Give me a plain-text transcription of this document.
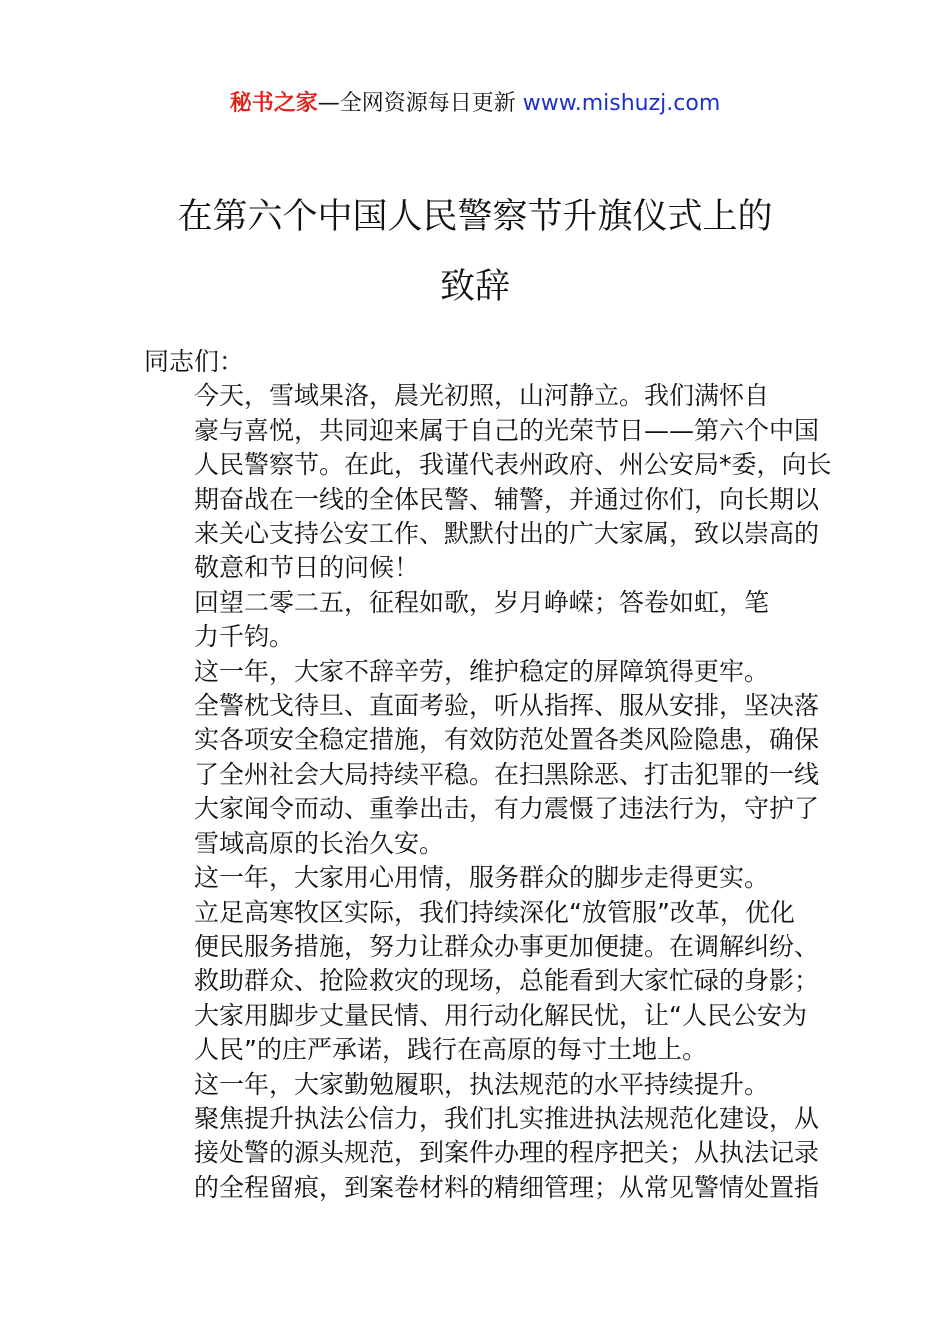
秘书之家—全网资源每日更新 www.mishuzj.com
在第六个中国人民警察节升旗仪式上的
致辞

同志们：

今天，雪域果洛，晨光初照，山河静立。我们满怀自
豪与喜悦，共同迎来属于自己的光荣节日——第六个中国
人民警察节。在此，我谨代表州政府、州公安局*委，向长
期奋战在一线的全体民警、辅警，并通过你们，向长期以
来关心支持公安工作、默默付出的广大家属，致以崇高的
敬意和节日的问候！

回望二零二五，征程如歌，岁月峥嵘；答卷如虹，笔
力千钧。

这一年，大家不辞辛劳，维护稳定的屏障筑得更牢。
全警枕戈待旦、直面考验，听从指挥、服从安排，坚决落
实各项安全稳定措施，有效防范处置各类风险隐患，确保
了全州社会大局持续平稳。在扫黑除恶、打击犯罪的一线
大家闻令而动、重拳出击，有力震慑了违法行为，守护了
雪域高原的长治久安。

这一年，大家用心用情，服务群众的脚步走得更实。
立足高寒牧区实际，我们持续深化“放管服”改革，优化
便民服务措施，努力让群众办事更加便捷。在调解纠纷、
救助群众、抢险救灾的现场，总能看到大家忙碌的身影；
大家用脚步丈量民情、用行动化解民忧，让“人民公安为
人民”的庄严承诺，践行在高原的每寸土地上。

这一年，大家勤勉履职，执法规范的水平持续提升。
聚焦提升执法公信力，我们扎实推进执法规范化建设，从
接处警的源头规范，到案件办理的程序把关；从执法记录
的全程留痕，到案卷材料的精细管理；从常见警情处置指
